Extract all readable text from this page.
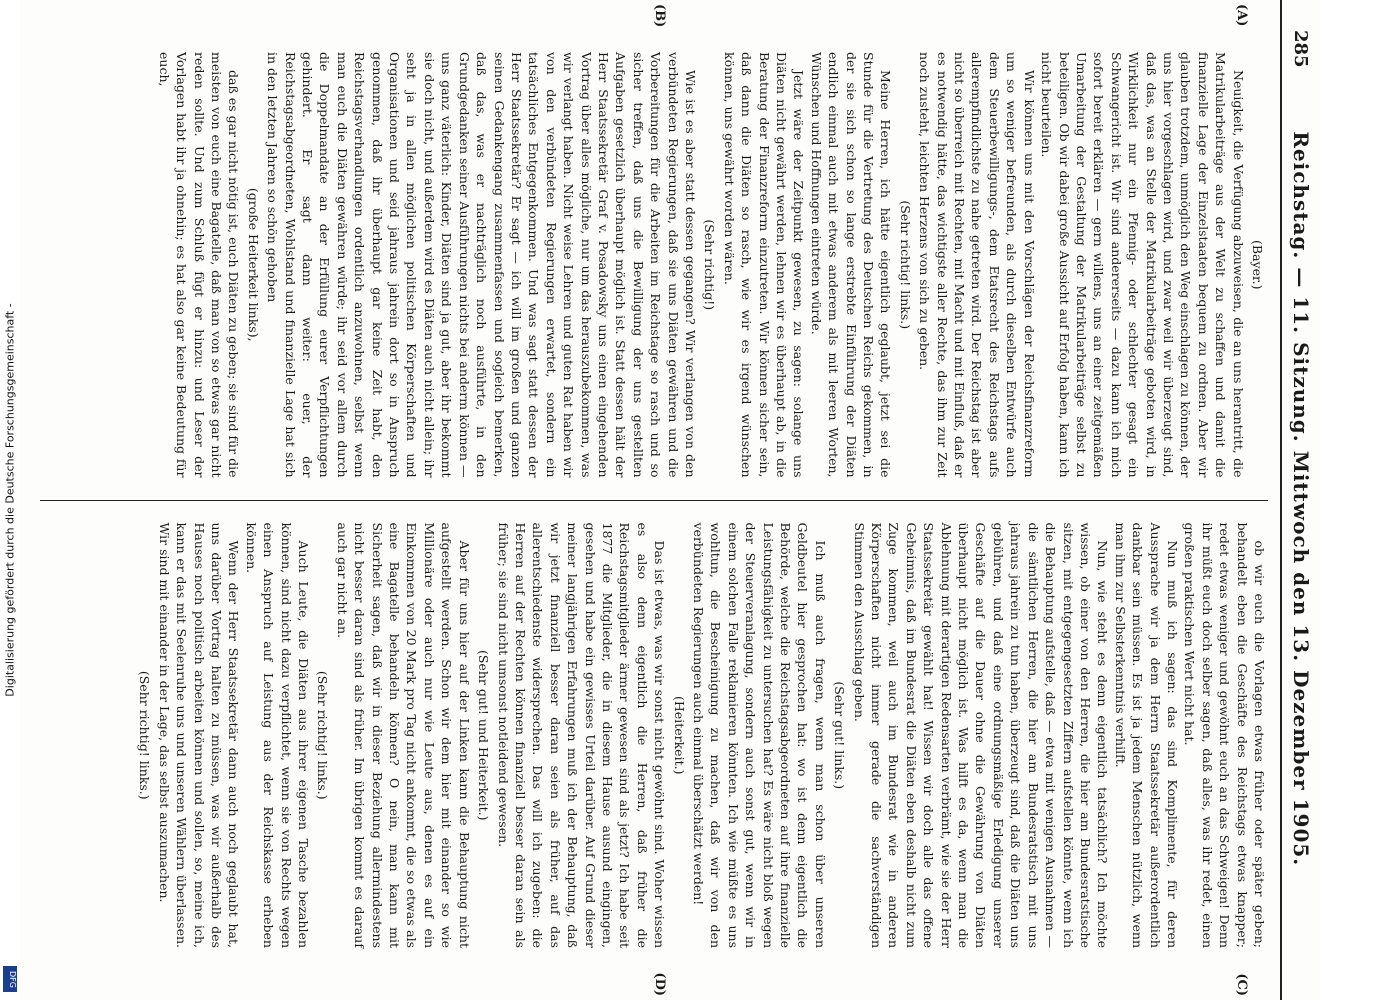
285
Reichstag. — 11. Sitzung. Mittwoch den 13. Dezember 1905.
(A)
(B)

(Bayer.)

Neuigkeit, die Verfügung abzuweisen, die an uns herantritt, die Matrikularbeiträge aus der Welt zu schaffen und damit die finanzielle Lage der Einzelstaaten bequem zu ordnen. Aber wir glauben trotzdem, unmöglich den Weg einschlagen zu können, der uns hier vorgeschlagen wird, und zwar weil wir überzeugt sind, daß das, was an Stelle der Matrikularbeiträge geboten wird, in Wirklichkeit nur ein Pfennig- oder schlechter gesagt ein Schwangericht ist. Wir sind andererseits — dazu kann ich mich sofort bereit erklären — gern willens, uns an einer zeitgemäßen Umarbeitung der Gestaltung der Matrikularbeiträge selbst zu beteiligen. Ob wir dabei große Aussicht auf Erfolg haben, kann ich nicht beurteilen.

Wir können uns mit den Vorschlägen der Reichsfinanzreform um so weniger befreunden, als durch dieselben Entwürfe auch dem Steuerbewilligungs-, dem Etatsrecht des Reichstags aufs allerempfindlichste zu nahe getreten wird. Der Reichstag ist aber nicht so überreich mit Rechten, mit Macht und mit Einfluß, daß er es notwendig hätte, das wichtigste aller Rechte, das ihm zur Zeit noch zusteht, leichten Herzens von sich zu geben.

(Sehr richtig! links.)

Meine Herren, ich hätte eigentlich geglaubt, jetzt sei die Stunde für die Vertretung des Deutschen Reichs gekommen, in der sie sich schon so lange erstrebte Einführung der Diäten endlich einmal auch mit etwas anderem als mit leeren Worten, Wünschen und Hoffnungen eintreten würde.

Jetzt wäre der Zeitpunkt gewesen, zu sagen: solange uns Diäten nicht gewährt werden, lehnen wir es überhaupt ab, in die Beratung der Finanzreform einzutreten. Wir können sicher sein, daß dann die Diäten so rasch, wie wir es irgend wünschen können, uns gewährt worden wären.

(Sehr richtig!)

Wie ist es aber statt dessen gegangen? Wir verlangen von den verbündeten Regierungen, daß sie uns Diäten gewähren und die Vorbereitungen für die Arbeiten im Reichstage so rasch und so sicher treffen, daß uns die Bewilligung der uns gestellten Aufgaben gesetzlich überhaupt möglich ist. Statt dessen hält der Herr Staatssekretär Graf v. Posadowsky uns einen eingehenden Vortrag über alles mögliche, nur um das herauszubekommen, was wir verlangt haben. Nicht weise Lehren und guten Rat haben wir von den verbündeten Regierungen erwartet, sondern ein tatsächliches Entgegenkommen. Und was sagt statt dessen der Herr Staatssekretär? Er sagt — ich will im großen und ganzen seinen Gedankengang zusammenfassen und sogleich bemerken, daß das, was er nachträglich noch ausführte, in den Grundgedanken seiner Ausführungen nichts bei anderm können — uns ganz väterlich: Kinder, Diäten sind ja gut, aber ihr bekommt sie doch nicht, und außerdem wird es Diäten auch nicht allein; ihr seht ja in allen möglichen politischen Körperschaften und Organisationen und seid jahraus jahrein dort so in Anspruch genommen, daß ihr überhaupt gar keine Zeit habt, den Reichstagsverhandlungen ordentlich anzuwohnen, selbst wenn man euch die Diäten gewähren würde; ihr seid vor allem durch die Doppelmandate an der Erfüllung eurer Verpflichtungen gehindert. Er sagt dann weiter: euer, der Reichstagsabgeordneten, Wohlstand und finanzielle Lage hat sich in den letzten Jahren so schön gehoben

(große Heiterkeit links),

daß es gar nicht nötig ist, euch Diäten zu geben; sie sind für die meisten von euch eine Bagatelle, daß man von so etwas gar nicht reden sollte. Und zum Schluß fügt er hinzu: und Leser der Vorlagen habt ihr ja ohnehin; es hat also gar keine Bedeutung für euch,

(C)
(D)

ob wir euch die Vorlagen etwas früher oder später geben; behandelt eben die Geschäfte des Reichstags etwas knapper; redet etwas weniger und gewöhnt euch an das Schweigen! Denn ihr müßt euch doch selber sagen, daß alles, was ihr redet, einen großen praktischen Wert nicht hat.

Nun muß ich sagen: das sind Komplimente, für deren Aussprache wir ja dem Herrn Staatssekretär außerordentlich dankbar sein müssen. Es ist ja jedem Menschen nützlich, wenn man ihm zur Selbsterkenntnis verhilft.

Nun, wie steht es denn eigentlich tatsächlich? Ich möchte wissen, ob einer von den Herren, die hier am Bundesratstische sitzen, mit entgegengesetzten Ziffern aufstellen könnte, wenn ich die Behauptung aufstelle, daß — etwa mit wenigen Ausnahmen — die sämtlichen Herren, die hier am Bundesratstisch mit uns jahraus jahrein zu tun haben, überzeugt sind, daß die Diäten uns gebühren, und daß eine ordnungsmäßige Erledigung unserer Geschäfte auf die Dauer ohne die Gewährung von Diäten überhaupt nicht möglich ist. Was hilft es da, wenn man die Ablehnung mit derartigen Redensarten verbrämt, wie sie der Herr Staatssekretär gewählt hat! Wissen wir doch alle das offene Geheimnis, daß im Bundesrat die Diäten eben deshalb nicht zum Zuge kommen, weil auch im Bundesrat wie in anderen Körperschaften nicht immer gerade die sachverständigen Stimmen den Ausschlag geben.

(Sehr gut! links.)

Ich muß auch fragen, wenn man schon über unseren Geldbeutel hier gesprochen hat: wo ist denn eigentlich die Behörde, welche die Reichstagsabgeordneten auf ihre finanzielle Leistungsfähigkeit zu untersuchen hat? Es wäre nicht bloß wegen der Steuerveranlagung, sondern auch sonst gut, wenn wir in einem solchen Falle reklamieren könnten. Ich wie müßte es uns wohltun, die Bescheinigung zu machen, daß wir von den verbündeten Regierungen auch einmal überschätzt werden!

(Heiterkeit.)

Das ist etwas, was wir sonst nicht gewöhnt sind. Woher wissen es also denn eigentlich die Herren, daß früher die Reichstagsmitglieder ärmer gewesen sind als jetzt? Ich habe seit 1877 die Mitglieder, die in diesem Hause ausund eingingen, gesehen und habe ein gewisses Urteil darüber. Auf Grund dieser meiner langjährigen Erfahrungen muß ich der Behauptung, daß wir jetzt finanziell besser daran seien als früher, auf das allerentschiedenste widersprechen. Das will ich zugeben: die Herren auf der Rechten können finanziell besser daran sein als früher; sie sind nicht umsonst notleidend gewesen.

(Sehr gut! und Heiterkeit.)

Aber für uns hier auf der Linken kann die Behauptung nicht aufgestellt werden. Schon wir dem hier mit einander so wie Millionäre oder auch nur wie Leute aus, denen es auf ein Einkommen von 20 Mark pro Tag nicht ankommt, die so etwas als eine Bagatelle behandeln können? O nein, man kann mit Sicherheit sagen, daß wir in dieser Beziehung allermindestens nicht besser daran sind als früher. Im übrigen kommt es darauf auch gar nicht an.

(Sehr richtig! links.)

Auch Leute, die Diäten aus ihrer eigenen Tasche bezahlen können, sind nicht dazu verpflichtet, wenn sie von Rechts wegen einen Anspruch auf Leistung aus der Reichskasse erheben können.

Wenn der Herr Staatssekretär dann auch noch geglaubt hat, uns darüber Vortrag halten zu müssen, was wir außerhalb des Hauses noch politisch arbeiten können und sollen, so, meine ich, kann er das mit Seelenruhe uns und unseren Wählern überlassen. Wir sind mit einander in der Lage, das selbst auszumachen.

(Sehr richtig! links.)

Digitalisierung gefördert durch die Deutsche Forschungsgemeinschaft -
DFG
